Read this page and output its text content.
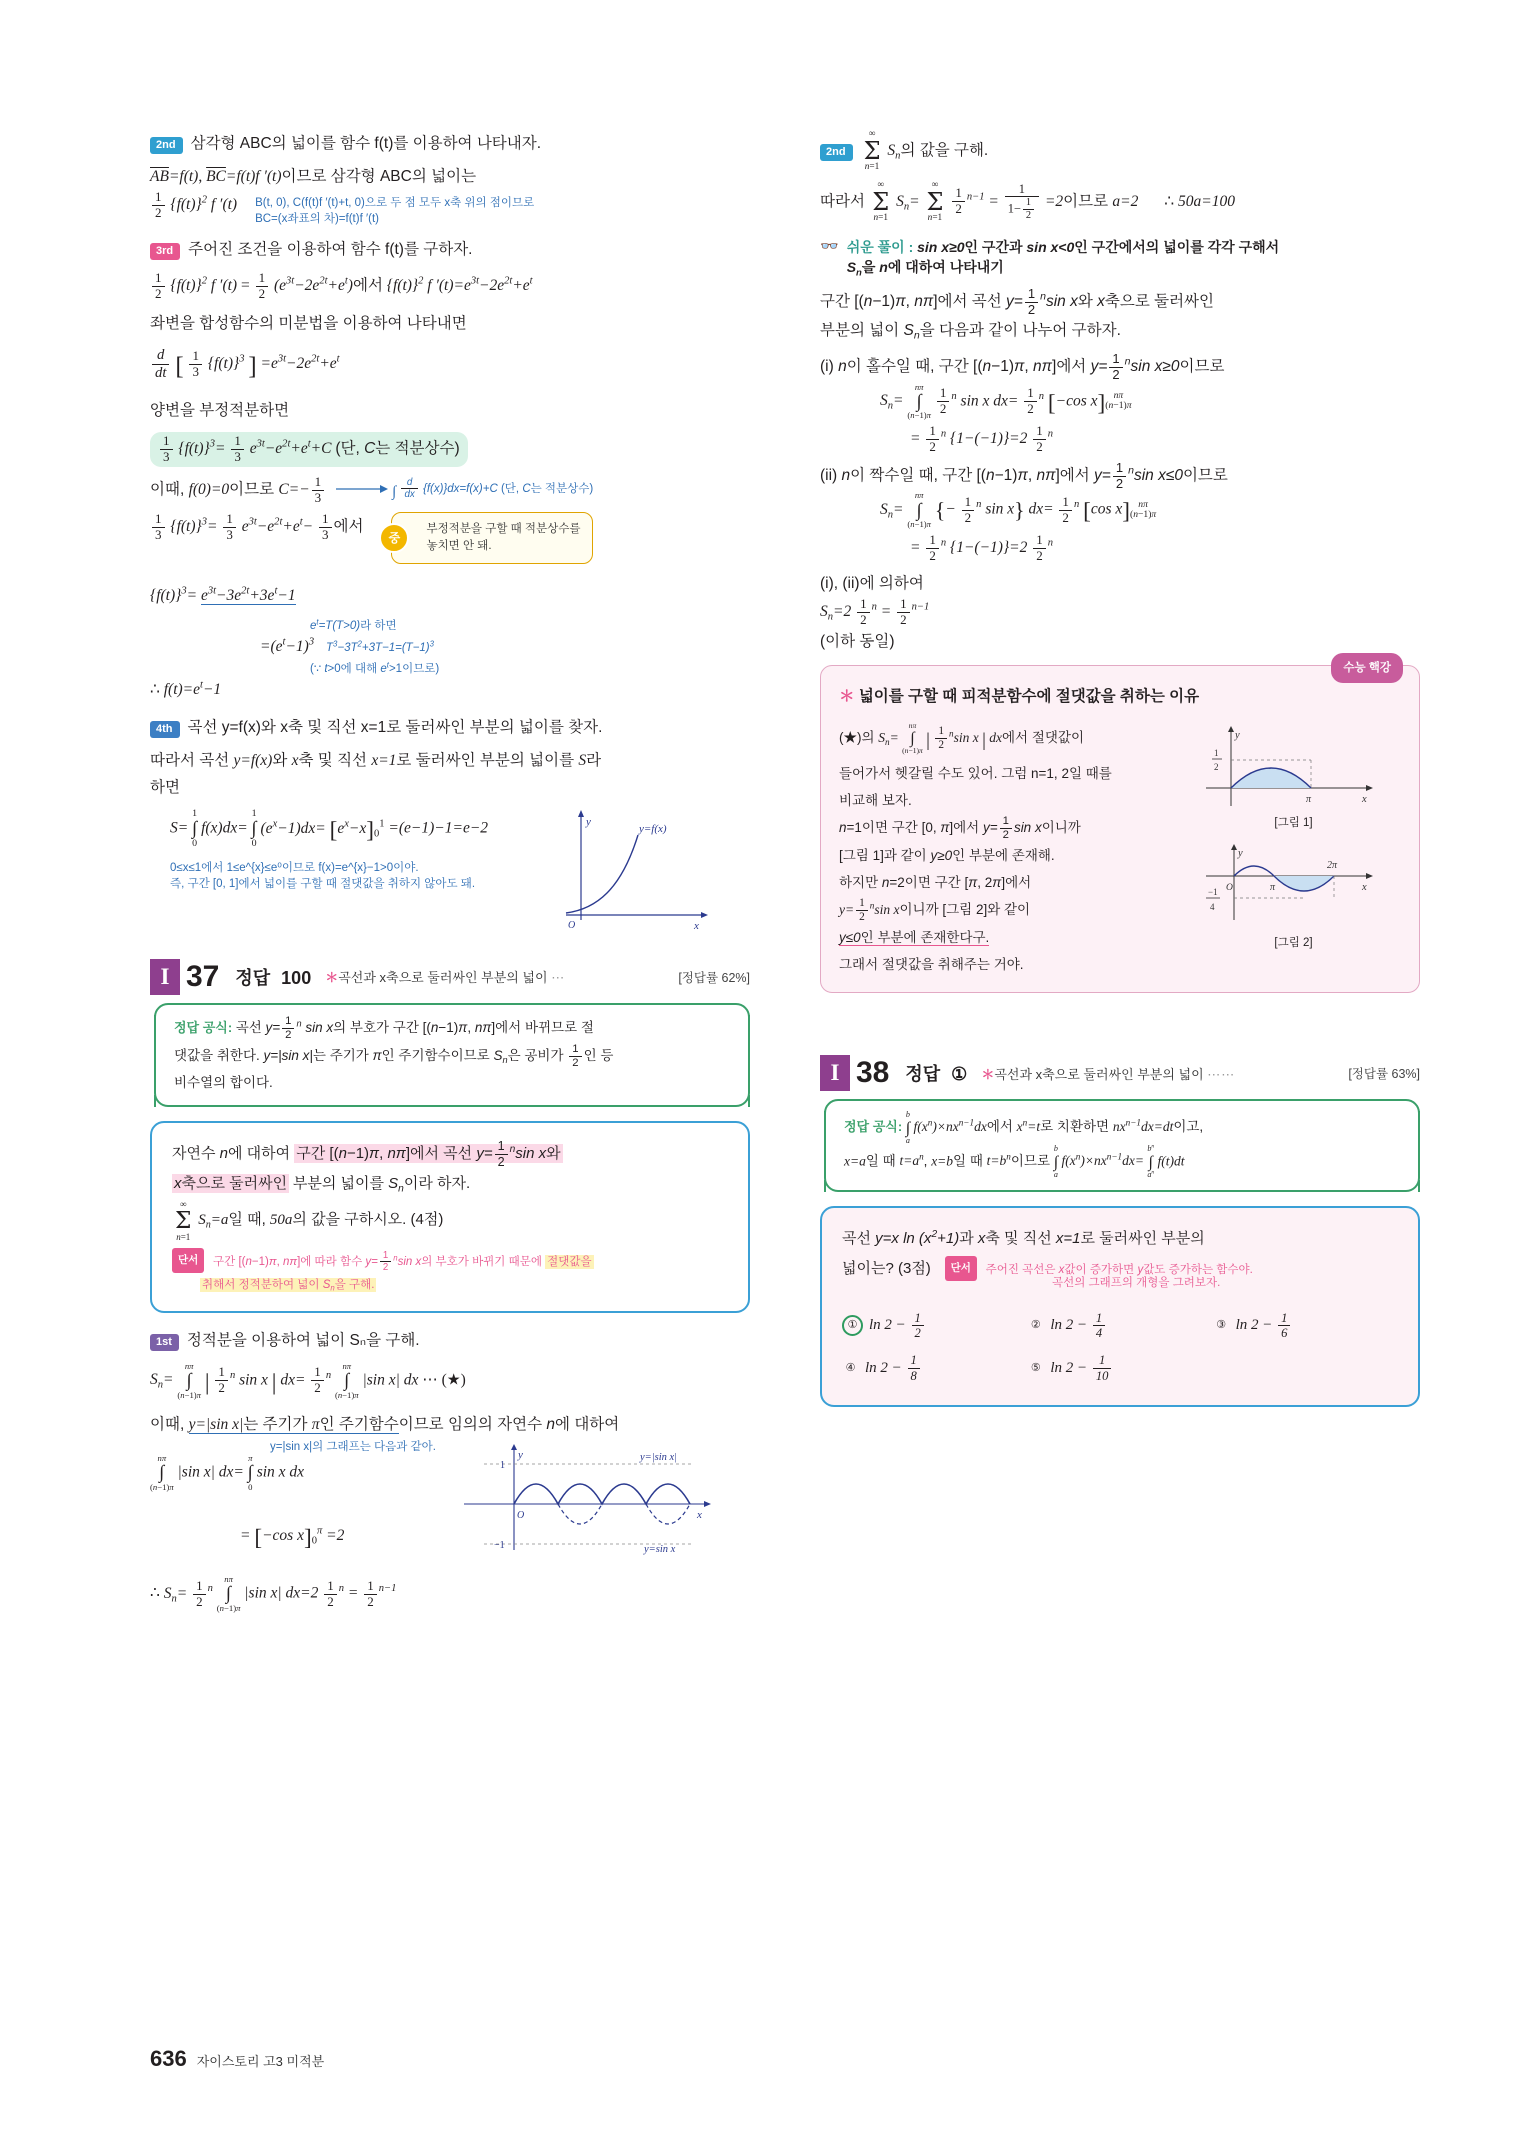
2nd 삼각형 ABC의 넓이를 함수 f(t)를 이용하여 나타내자.
$\overline{AB}=f(t)$, $\overline{BC}=f(t)f$ ′(t)이므로 삼각형 ABC의 넓이는
$\frac{1}{2} \{f(t)\}^2$ f ′(t) B(t, 0), C(f(t)f ′(t)+t, 0)으로 두 점 모두 x축 위의 점이므로
BC=(x좌표의 차)=f(t)f ′(t)
3rd 주어진 조건을 이용하여 함수 f(t)를 구하자.
$\frac{1}{2} \{f(t)\}^2$ f $'(t) = \frac{1}{2} (e^{3t}-2e^{2t}+e^t)$에서 $\{f(t)\}^2$ f $'(t)=e^{3t}-2e^{2t}+e^t$
좌변을 합성함수의 미분법을 이용하여 나타내면
$\frac{d}{dt}$ [ $\frac{1}{3} \{f(t)\}^3$ ] $=e^{3t}-2e^{2t}+e^t$
양변을 부정적분하면
$\frac{1}{3} \{f(t)\}^3= \frac{1}{3} e^{3t}-e^{2t}+e^t+C$ (단, C는 적분상수)
이때, f(0)=0이므로 $C=- \frac{1}{3}$	∫ $\frac{d}{dx} \{f(x)\}dx=f(x)+C$ (단, C는 적분상수)
$\frac{1}{3} \{f(t)\}^3= \frac{1}{3} e^{3t}-e^{2t}+e^t- \frac{1}{3}$ 에서
중
부정적분을 구할 때 적분상수를
놓치면 안 돼.
$\{f(t)\}^3= e^{3t}-3e^{2t}+3e^t-1$
$e^t=T(T>0)$라 하면
$=(e^t-1)^3$ $T^3-3T^2+3T-1=(T-1)^3$
(∵ t>0에 대해 $e^t>1$이므로)
∴ $f(t)=e^t-1$
4th 곡선 y=f(x)와 x축 및 직선 x=1로 둘러싸인 부분의 넓이를 찾자.
따라서 곡선 y=f(x)와 x축 및 직선 x=1로 둘러싸인 부분의 넓이를 S라
하면
S=
1
∫
0
f(x)dx=
1
∫
0
$(e^x-1)dx= [e^x-x]_0^1 =(e-1)-1=e-2$
0≤x≤1에서 1≤e^{x}≤e⁰이므로 f(x)=e^{x}−1>0이야.
즉, 구간 [0, 1]에서 넓이를 구할 때 절댓값을 취하지 않아도 돼.
y
x
y=f(x)
O
I 37 정답 100 ＊곡선과 x축으로 둘러싸인 부분의 넓이 ⋯	[정답률 62%]
정답 공식: 곡선 $y= \frac{1}{2} ^n$ sin x의 부호가 구간 [(n−1)π, nπ]에서 바뀌므로 절
댓값을 취한다. y=|sin x|는 주기가 π인 주기함수이므로 $S_n$은 공비가 $\frac{1}{2}$ 인 등
비수열의 합이다.
자연수 n에 대하여 구간 [(n−1)π, nπ]에서 곡선 $y= \frac{1}{2} ^n\sin$ x와
x축으로 둘러싸인 부분의 넓이를 $S_n$이라 하자.
∞
Σ
n=1
$S_n=a$일 때, 50a의 값을 구하시오. (4점)
단서 구간 [(n−1)π, nπ]에 따라 함수 $y= \frac{1}{2} ^n\sin$ x의 부호가 바뀌기 때문에 절댓값을
취해서 정적분하여 넓이 $S_n$을 구해.
1st 정적분을 이용하여 넓이 Sₙ을 구해.
$S_n=$
nπ
∫
(n−1)π | $\frac{1}{2} ^n$ sin x | $dx= \frac{1}{2} ^n$
nπ
∫
(n−1)π
|sin x| dx ⋯ (★)
이때, y=|sin x|는 주기가 π인 주기함수이므로 임의의 자연수 n에 대하여
y=|sin x|의 그래프는 다음과 같아.
nπ
∫
(n−1)π
|sin x| dx=
π
∫
0
sin x dx
= [−cos $x]_0^\pi =2$
y
x
1
−1
O
y=|sin x|
y=sin x
∴ $S_n= \frac{1}{2} ^n$
nπ
∫
(n−1)π
|sin x| $dx=2 \frac{1}{2} ^n = \frac{1}{2} ^{n-1}$
2nd
∞
Σ
n=1
$S_n$의 값을 구해.
따라서
∞
Σ
n=1
$S_n=$
∞
Σ
n=1

$\frac{1}{2} ^{n-1} = \frac{1}{1- \frac{1}{2}} =2$이므로 a=2 ∴ 50a=100
👓 쉬운 풀이 : sin x≥0인 구간과 sin x<0인 구간에서의 넓이를 각각 구해서
$S_n$을 n에 대하여 나타내기
구간 [(n−1)π, nπ]에서 곡선 $y= \frac{1}{2} ^n\sin$ x와 x축으로 둘러싸인
부분의 넓이 $S_n$을 다음과 같이 나누어 구하자.
(i) n이 홀수일 때, 구간 [(n−1)π, nπ]에서 $y= \frac{1}{2} ^n\sin$ x≥0이므로
$S_n=$
nπ
∫
(n−1)π
$\frac{1}{2} ^n$ sin x $dx= \frac{1}{2} ^n$ [−cos x] nπ
(n−1)π
= $\frac{1}{2} ^n$ $\{1-(-1)\}=2 \frac{1}{2} ^n$
(ii) n이 짝수일 때, 구간 [(n−1)π, nπ]에서 $y= \frac{1}{2} ^n\sin$ x≤0이므로
$S_n=$
nπ
∫
(n−1)π
{− $\frac{1}{2} ^n$ sin x} $dx= \frac{1}{2} ^n$ [cos x] nπ
(n−1)π
= $\frac{1}{2} ^n$ $\{1-(-1)\}=2 \frac{1}{2} ^n$
(i), (ii)에 의하여
$S_n=2 \frac{1}{2} ^n = \frac{1}{2} ^{n-1}$
(이하 동일)
수능 핵강
＊ 넓이를 구할 때 피적분함수에 절댓값을 취하는 이유
(★)의 $S_n=$
nπ
∫
(n−1)π | $\frac{1}{2} ^n\sin$ x | dx에서 절댓값이
들어가서 헷갈릴 수도 있어. 그럼 n=1, 2일 때를
비교해 보자.
n=1이면 구간 [0, π]에서 $y= \frac{1}{2}$ sin x이니까
[그림 1]과 같이 y≥0인 부분에 존재해.
하지만 n=2이면 구간 [π, 2π]에서
$y= \frac{1}{2} ^n\sin$ x이니까 [그림 2]와 같이
y≤0인 부분에 존재한다구.
그래서 절댓값을 취해주는 거야.
y
x
1
2
π
[그림 1]
y
x
−1
4
O	π
2π
[그림 2]
I 38 정답 ① ＊곡선과 x축으로 둘러싸인 부분의 넓이 ⋯⋯	[정답률 63%]
정답 공식:
b
∫
a
$f(x^n)\times nx^{n-1}dx$에서 $x^n=t$로 치환하면 $nx^{n-1}dx=dt$이고,
x=a일 때 $t=a^n$, x=b일 때 $t=b^n$이므로
b
∫
a
$f(x^n)\times nx^{n-1}dx=$
$b^n$
∫
$a^n$
f(t)dt
곡선 y=x $\ln (x^2+1)$과 x축 및 직선 x=1로 둘러싸인 부분의
넓이는? (3점) 단서 주어진 곡선은 x값이 증가하면 y값도 증가하는 함수야.
곡선의 그래프의 개형을 그려보자.
① $\ln 2 - \frac{1}{2}$	② $\ln 2 - \frac{1}{4}$	③ $\ln 2 - \frac{1}{6}$
④ $\ln 2 - \frac{1}{8}$	⑤ $\ln 2 - \frac{1}{10}$
636 자이스토리 고3 미적분
